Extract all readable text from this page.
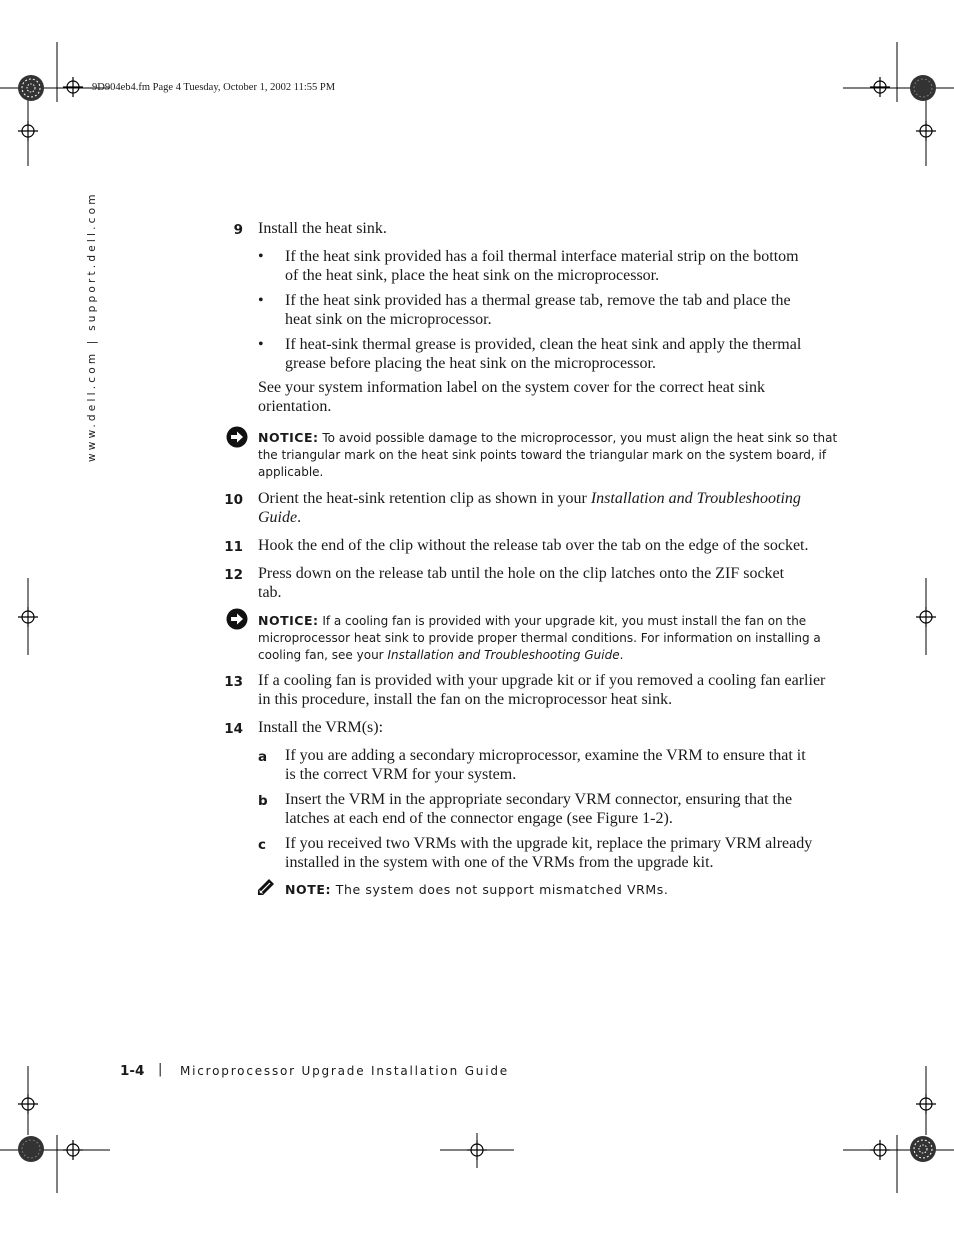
9D904eb4.fm Page 4 Tuesday, October 1, 2002 11:55 PM
www.dell.com | support.dell.com	9 Install the heat sink.
• If the heat sink provided has a foil thermal interface material strip on the bottom
of the heat sink, place the heat sink on the microprocessor.
• If the heat sink provided has a thermal grease tab, remove the tab and place the
heat sink on the microprocessor.
• If heat-sink thermal grease is provided, clean the heat sink and apply the thermal
grease before placing the heat sink on the microprocessor.
See your system information label on the system cover for the correct heat sink
orientation.
NOTICE: To avoid possible damage to the microprocessor, you must align the heat sink so that
the triangular mark on the heat sink points toward the triangular mark on the system board, if
applicable.
10 Orient the heat-sink retention clip as shown in your Installation and Troubleshooting
Guide.
11 Hook the end of the clip without the release tab over the tab on the edge of the socket.
12 Press down on the release tab until the hole on the clip latches onto the ZIF socket
tab.
NOTICE: If a cooling fan is provided with your upgrade kit, you must install the fan on the
microprocessor heat sink to provide proper thermal conditions. For information on installing a
cooling fan, see your Installation and Troubleshooting Guide.
13 If a cooling fan is provided with your upgrade kit or if you removed a cooling fan earlier
in this procedure, install the fan on the microprocessor heat sink.
14 Install the VRM(s):
a If you are adding a secondary microprocessor, examine the VRM to ensure that it
is the correct VRM for your system.
b Insert the VRM in the appropriate secondary VRM connector, ensuring that the
latches at each end of the connector engage (see Figure 1-2).
c If you received two VRMs with the upgrade kit, replace the primary VRM already
installed in the system with one of the VRMs from the upgrade kit.
NOTE: The system does not support mismatched VRMs.
1-4 | Microprocessor Upgrade Installation Guide
